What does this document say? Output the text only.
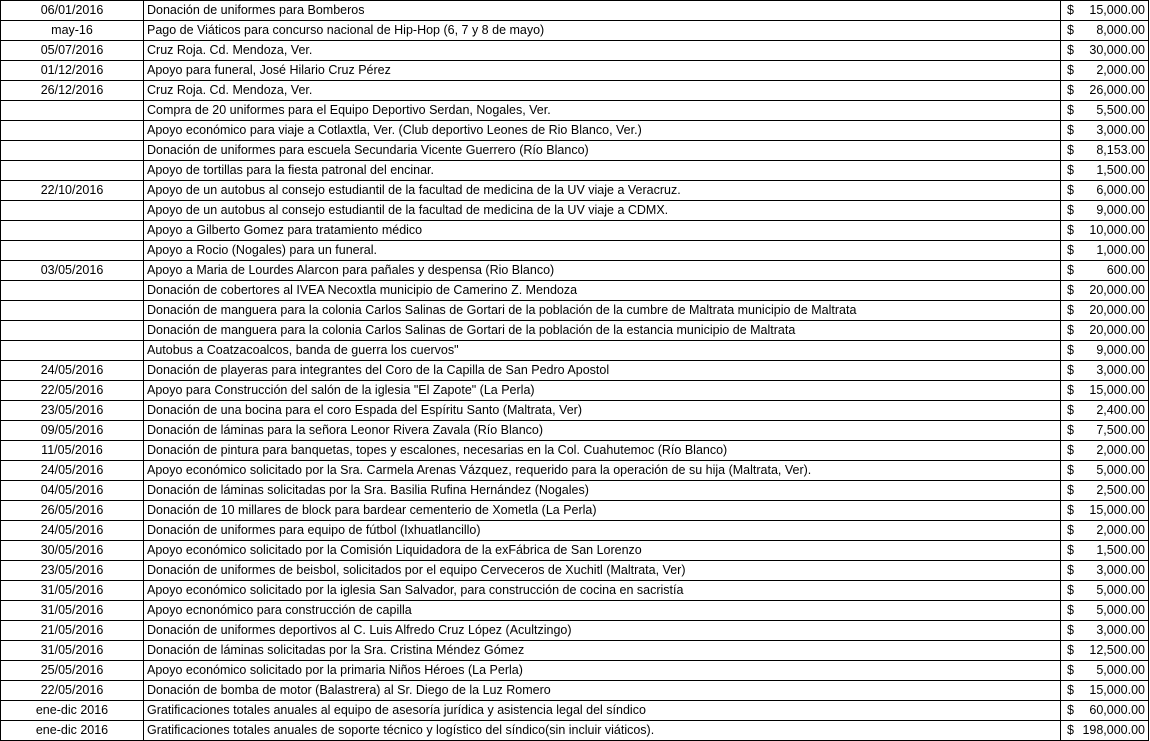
06/01/2016	Donación de uniformes para Bomberos	$ 15,000.00

may-16	Pago de Viáticos para concurso nacional de Hip-Hop (6, 7 y 8 de mayo)	$ 8,000.00

05/07/2016	Cruz Roja. Cd. Mendoza, Ver.	$ 30,000.00

01/12/2016	Apoyo para funeral, José Hilario Cruz Pérez	$ 2,000.00

26/12/2016	Cruz Roja. Cd. Mendoza, Ver.	$ 26,000.00

	Compra de 20 uniformes para el Equipo Deportivo Serdan, Nogales, Ver.	$ 5,500.00

	Apoyo económico para viaje a Cotlaxtla, Ver. (Club deportivo Leones de Rio Blanco, Ver.)	$ 3,000.00

	Donación de uniformes para escuela Secundaria Vicente Guerrero (Río Blanco)	$ 8,153.00

	Apoyo de tortillas para la fiesta patronal del encinar.	$ 1,500.00

22/10/2016	Apoyo de un autobus al consejo estudiantil de la facultad de medicina de la UV viaje a Veracruz.	$ 6,000.00

	Apoyo de un autobus al consejo estudiantil de la facultad de medicina de la UV viaje a CDMX.	$ 9,000.00

	Apoyo a Gilberto Gomez para tratamiento médico	$ 10,000.00

	Apoyo a Rocio (Nogales) para un funeral.	$ 1,000.00

03/05/2016	Apoyo a Maria de Lourdes Alarcon para pañales y despensa (Rio Blanco)	$ 600.00

	Donación de cobertores al IVEA Necoxtla municipio de Camerino Z. Mendoza	$ 20,000.00

	Donación de manguera para la colonia Carlos Salinas de Gortari de la población de la cumbre de Maltrata municipio de Maltrata	$ 20,000.00

	Donación de manguera para la colonia Carlos Salinas de Gortari de la población de la estancia municipio de Maltrata	$ 20,000.00

	Autobus a Coatzacoalcos, banda de guerra los cuervos"	$ 9,000.00

24/05/2016	Donación de playeras para integrantes del Coro de la Capilla de San Pedro Apostol	$ 3,000.00

22/05/2016	Apoyo para Construcción del salón de la iglesia "El Zapote" (La Perla)	$ 15,000.00

23/05/2016	Donación de una bocina para el coro Espada del Espíritu Santo (Maltrata, Ver)	$ 2,400.00

09/05/2016	Donación de láminas para la señora Leonor Rivera Zavala (Río Blanco)	$ 7,500.00

11/05/2016	Donación de pintura para banquetas, topes y escalones, necesarias en la Col. Cuahutemoc (Río Blanco)	$ 2,000.00

24/05/2016	Apoyo económico solicitado por la Sra. Carmela Arenas Vázquez, requerido para la operación de su hija (Maltrata, Ver).	$ 5,000.00

04/05/2016	Donación de láminas solicitadas por la Sra. Basilia Rufina Hernández (Nogales)	$ 2,500.00

26/05/2016	Donación de 10 millares de block para bardear cementerio de Xometla (La Perla)	$ 15,000.00

24/05/2016	Donación de uniformes para equipo de fútbol (Ixhuatlancillo)	$ 2,000.00

30/05/2016	Apoyo económico solicitado por la Comisión Liquidadora de la exFábrica de San Lorenzo	$ 1,500.00

23/05/2016	Donación de uniformes de beisbol, solicitados por el equipo Cerveceros de Xuchitl (Maltrata, Ver)	$ 3,000.00

31/05/2016	Apoyo económico solicitado por la iglesia San Salvador, para construcción de cocina en sacristía	$ 5,000.00

31/05/2016	Apoyo ecnonómico para construcción de capilla	$ 5,000.00

21/05/2016	Donación de uniformes deportivos al C. Luis Alfredo Cruz López (Acultzingo)	$ 3,000.00

31/05/2016	Donación de láminas solicitadas por la Sra. Cristina Méndez Gómez	$ 12,500.00

25/05/2016	Apoyo económico solicitado por la primaria Niños Héroes (La Perla)	$ 5,000.00

22/05/2016	Donación de bomba de motor (Balastrera) al Sr. Diego de la Luz Romero	$ 15,000.00

ene-dic 2016	Gratificaciones totales anuales al equipo de asesoría jurídica y asistencia legal del síndico	$ 60,000.00

ene-dic 2016	Gratificaciones totales anuales de soporte técnico y logístico del síndico(sin incluir viáticos).	$ 198,000.00
